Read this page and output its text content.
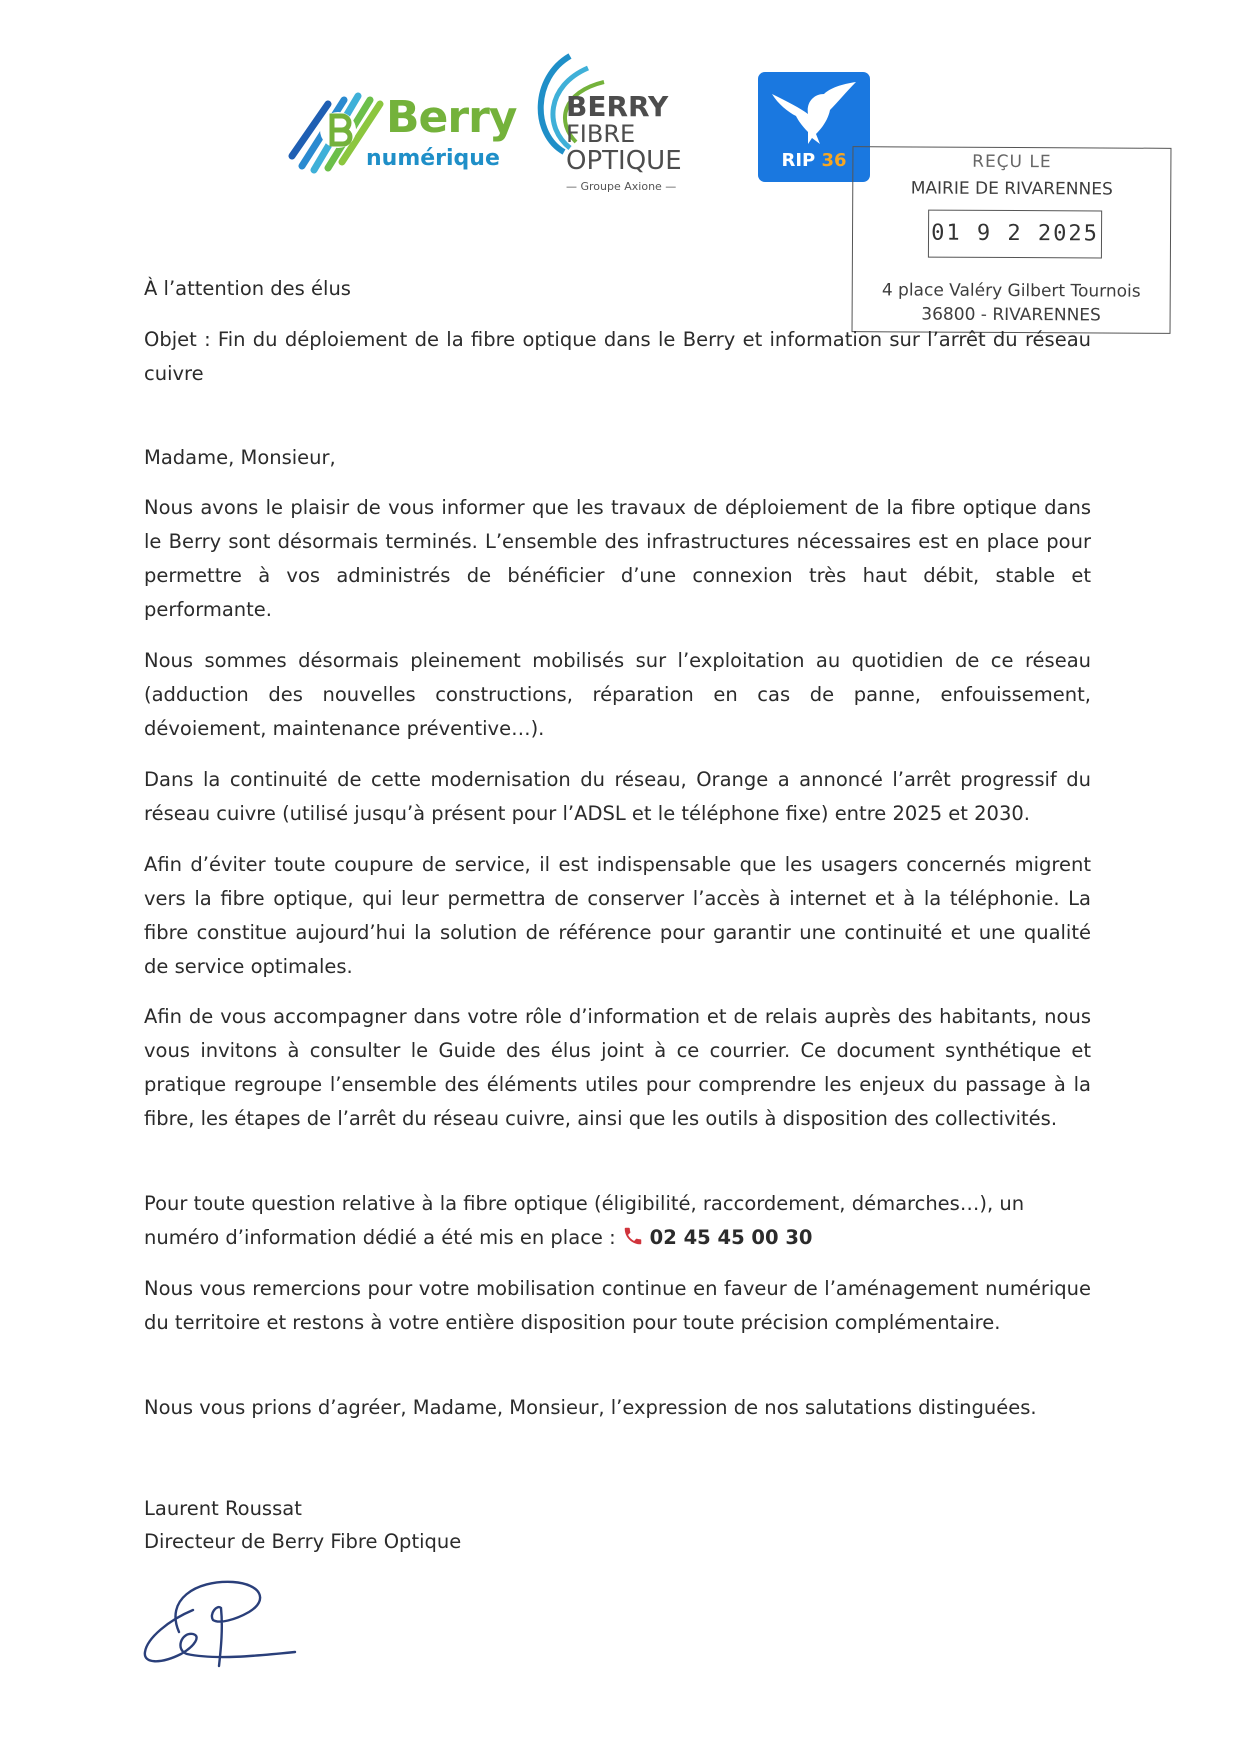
Berry
numérique
BERRY
FIBRE
OPTIQUE
— Groupe Axione —
RIP 36	REÇU LE
MAIRIE DE RIVARENNES
01 9 2 2025
4 place Valéry Gilbert Tournois
36800 - RIVARENNES
À l’attention des élus
Objet : Fin du déploiement de la fibre optique dans le Berry et information sur l’arrêt du réseau cuivre
Madame, Monsieur,
Nous avons le plaisir de vous informer que les travaux de déploiement de la fibre optique dans le Berry sont désormais terminés. L’ensemble des infrastructures nécessaires est en place pour permettre à vos administrés de bénéficier d’une connexion très haut débit, stable et performante.
Nous sommes désormais pleinement mobilisés sur l’exploitation au quotidien de ce réseau (adduction des nouvelles constructions, réparation en cas de panne, enfouissement, dévoiement, maintenance préventive…).
Dans la continuité de cette modernisation du réseau, Orange a annoncé l’arrêt progressif du réseau cuivre (utilisé jusqu’à présent pour l’ADSL et le téléphone fixe) entre 2025 et 2030.
Afin d’éviter toute coupure de service, il est indispensable que les usagers concernés migrent vers la fibre optique, qui leur permettra de conserver l’accès à internet et à la téléphonie. La fibre constitue aujourd’hui la solution de référence pour garantir une continuité et une qualité de service optimales.
Afin de vous accompagner dans votre rôle d’information et de relais auprès des habitants, nous vous invitons à consulter le Guide des élus joint à ce courrier. Ce document synthétique et pratique regroupe l’ensemble des éléments utiles pour comprendre les enjeux du passage à la fibre, les étapes de l’arrêt du réseau cuivre, ainsi que les outils à disposition des collectivités.
Pour toute question relative à la fibre optique (éligibilité, raccordement, démarches…), un
numéro d’information dédié a été mis en place : 02 45 45 00 30
Nous vous remercions pour votre mobilisation continue en faveur de l’aménagement numérique du territoire et restons à votre entière disposition pour toute précision complémentaire.
Nous vous prions d’agréer, Madame, Monsieur, l’expression de nos salutations distinguées.
Laurent Roussat
Directeur de Berry Fibre Optique
